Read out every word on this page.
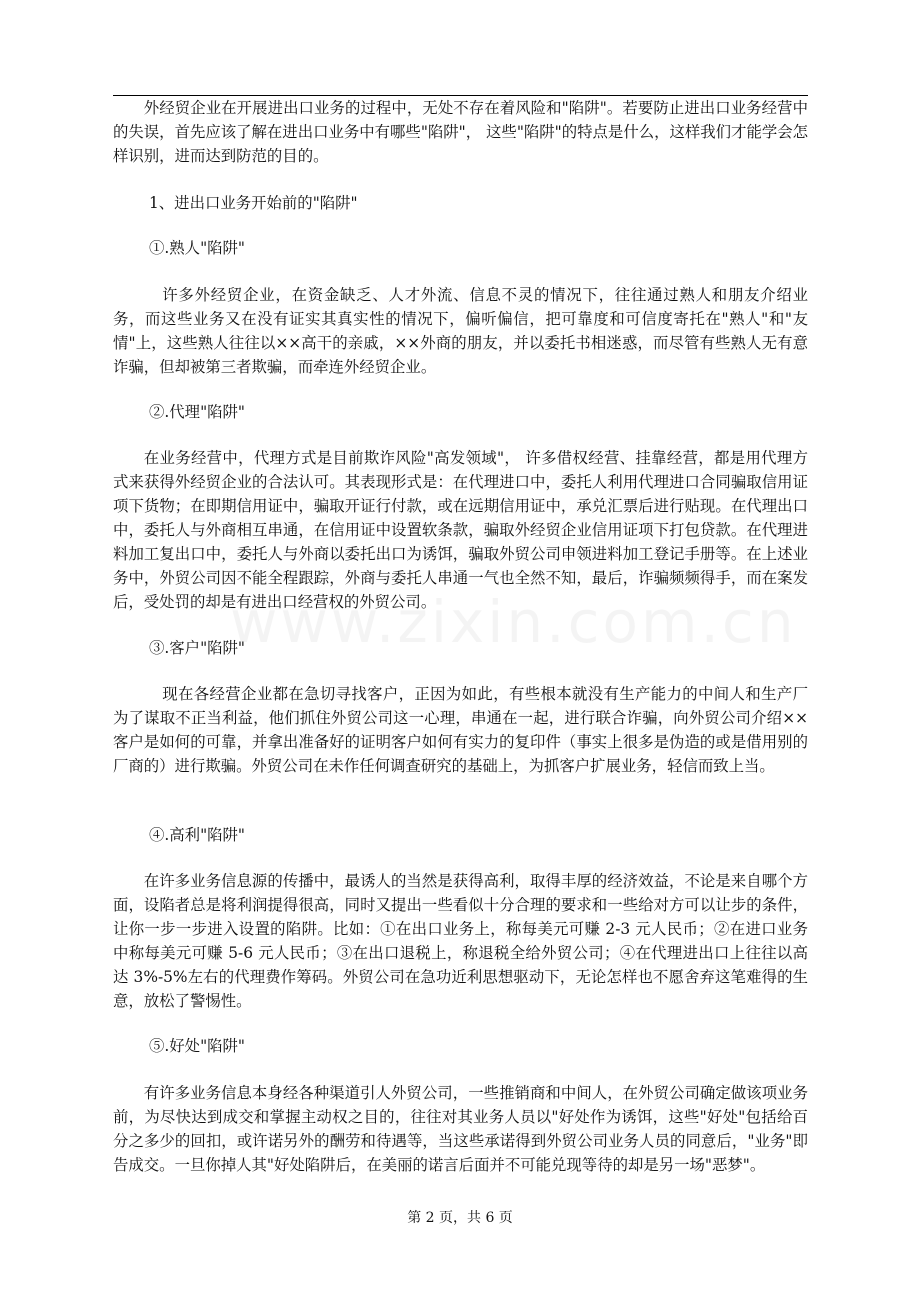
外经贸企业在开展进出口业务的过程中，无处不存在着风险和"陷阱"。若要防止进出口业务经营中的失误，首先应该了解在进出口业务中有哪些"陷阱"， 这些"陷阱"的特点是什么，这样我们才能学会怎样识别，进而达到防范的目的。

1、进出口业务开始前的"陷阱"

①.熟人"陷阱"

许多外经贸企业，在资金缺乏、人才外流、信息不灵的情况下，往往通过熟人和朋友介绍业务，而这些业务又在没有证实其真实性的情况下，偏听偏信，把可靠度和可信度寄托在"熟人"和"友情"上，这些熟人往往以××高干的亲戚，××外商的朋友，并以委托书相迷惑，而尽管有些熟人无有意诈骗，但却被第三者欺骗，而牵连外经贸企业。

②.代理"陷阱"

在业务经营中，代理方式是目前欺诈风险"高发领域"， 许多借权经营、挂靠经营，都是用代理方式来获得外经贸企业的合法认可。其表现形式是：在代理进口中，委托人利用代理进口合同骗取信用证项下货物；在即期信用证中，骗取开证行付款，或在远期信用证中，承兑汇票后进行贴现。在代理出口中，委托人与外商相互串通，在信用证中设置软条款，骗取外经贸企业信用证项下打包贷款。在代理进料加工复出口中，委托人与外商以委托出口为诱饵，骗取外贸公司申领进料加工登记手册等。在上述业务中，外贸公司因不能全程跟踪，外商与委托人串通一气也全然不知，最后，诈骗频频得手，而在案发后，受处罚的却是有进出口经营权的外贸公司。

③.客户"陷阱"

现在各经营企业都在急切寻找客户，正因为如此，有些根本就没有生产能力的中间人和生产厂为了谋取不正当利益，他们抓住外贸公司这一心理，串通在一起，进行联合诈骗，向外贸公司介绍××客户是如何的可靠，并拿出准备好的证明客户如何有实力的复印件（事实上很多是伪造的或是借用别的厂商的）进行欺骗。外贸公司在未作任何调查研究的基础上，为抓客户扩展业务，轻信而致上当。

④.高利"陷阱"

在许多业务信息源的传播中，最诱人的当然是获得高利，取得丰厚的经济效益，不论是来自哪个方面，设陷者总是将利润提得很高，同时又提出一些看似十分合理的要求和一些给对方可以让步的条件，让你一步一步进入设置的陷阱。比如：①在出口业务上，称每美元可赚 2-3 元人民币；②在进口业务中称每美元可赚 5-6 元人民币；③在出口退税上，称退税全给外贸公司；④在代理进出口上往往以高达 3%-5%左右的代理费作筹码。外贸公司在急功近利思想驱动下，无论怎样也不愿舍弃这笔难得的生意，放松了警惕性。

⑤.好处"陷阱"

有许多业务信息本身经各种渠道引人外贸公司，一些推销商和中间人，在外贸公司确定做该项业务前，为尽快达到成交和掌握主动权之目的，往往对其业务人员以"好处作为诱饵，这些"好处"包括给百分之多少的回扣，或许诺另外的酬劳和待遇等，当这些承诺得到外贸公司业务人员的同意后，"业务"即告成交。一旦你掉人其"好处陷阱后，在美丽的诺言后面并不可能兑现等待的却是另一场"恶梦"。

第 2 页，共 6 页
